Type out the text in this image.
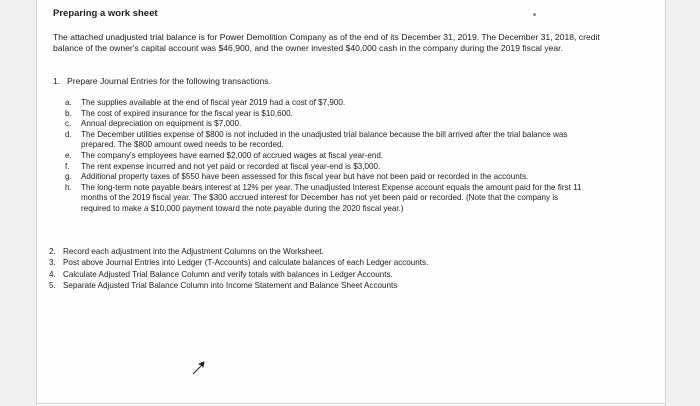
Preparing a work sheet

The attached unadjusted trial balance is for Power Demolition Company as of the end of its December 31, 2019. The December 31, 2018, credit
balance of the owner's capital account was $46,900, and the owner invested $40,000 cash in the company during the 2019 fiscal year.

1. Prepare Journal Entries for the following transactions.
a. The supplies available at the end of fiscal year 2019 had a cost of $7,900.
b. The cost of expired insurance for the fiscal year is $10,600.
c. Annual depreciation on equipment is $7,000.
d. The December utilities expense of $800 is not included in the unadjusted trial balance because the bill arrived after the trial balance was
prepared. The $800 amount owed needs to be recorded.
e. The company's employees have earned $2,000 of accrued wages at fiscal year-end.
f. The rent expense incurred and not yet paid or recorded at fiscal year-end is $3,000.
g. Additional property taxes of $550 have been assessed for this fiscal year but have not been paid or recorded in the accounts.
h. The long-term note payable bears interest at 12% per year. The unadjusted Interest Expense account equals the amount paid for the first 11
months of the 2019 fiscal year. The $300 accrued interest for December has not yet been paid or recorded. (Note that the company is
required to make a $10,000 payment toward the note payable during the 2020 fiscal year.)
2. Record each adjustment into the Adjustment Columns on the Worksheet.
3. Post above Journal Entries into Ledger (T-Accounts) and calculate balances of each Ledger accounts.
4. Calculate Adjusted Trial Balance Column and verify totals with balances in Ledger Accounts.
5. Separate Adjusted Trial Balance Column into Income Statement and Balance Sheet Accounts
